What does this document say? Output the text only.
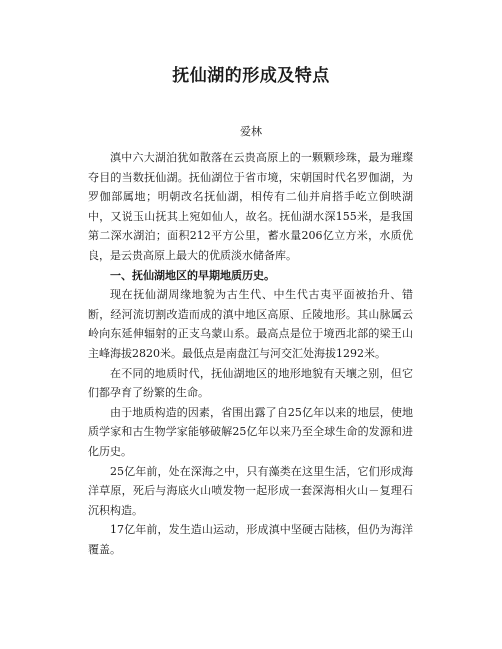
抚仙湖的形成及特点
爱林

滇中六大湖泊犹如散落在云贵高原上的一颗颗珍珠，最为璀璨夺目的当数抚仙湖。抚仙湖位于省市境，宋朝国时代名罗伽湖，为罗伽部属地；明朝改名抚仙湖，相传有二仙并肩搭手屹立倒映湖中，又说玉山抚其上宛如仙人，故名。抚仙湖水深155米，是我国第二深水湖泊；面积212平方公里，蓄水量206亿立方米，水质优良，是云贵高原上最大的优质淡水储备库。

一、抚仙湖地区的早期地质历史。

现在抚仙湖周缘地貌为古生代、中生代古夷平面被抬升、错断，经河流切割改造而成的滇中地区高原、丘陵地形。其山脉属云岭向东延伸辐射的正支乌蒙山系。最高点是位于境西北部的梁王山主峰海拔2820米。最低点是南盘江与河交汇处海拔1292米。

在不同的地质时代，抚仙湖地区的地形地貌有天壤之别，但它们都孕育了纷繁的生命。

由于地质构造的因素，省围出露了自25亿年以来的地层，使地质学家和古生物学家能够破解25亿年以来乃至全球生命的发源和进化历史。

25亿年前，处在深海之中，只有藻类在这里生活，它们形成海洋草原，死后与海底火山喷发物一起形成一套深海相火山－复理石沉积构造。

17亿年前，发生造山运动，形成滇中坚硬古陆核，但仍为海洋覆盖。
